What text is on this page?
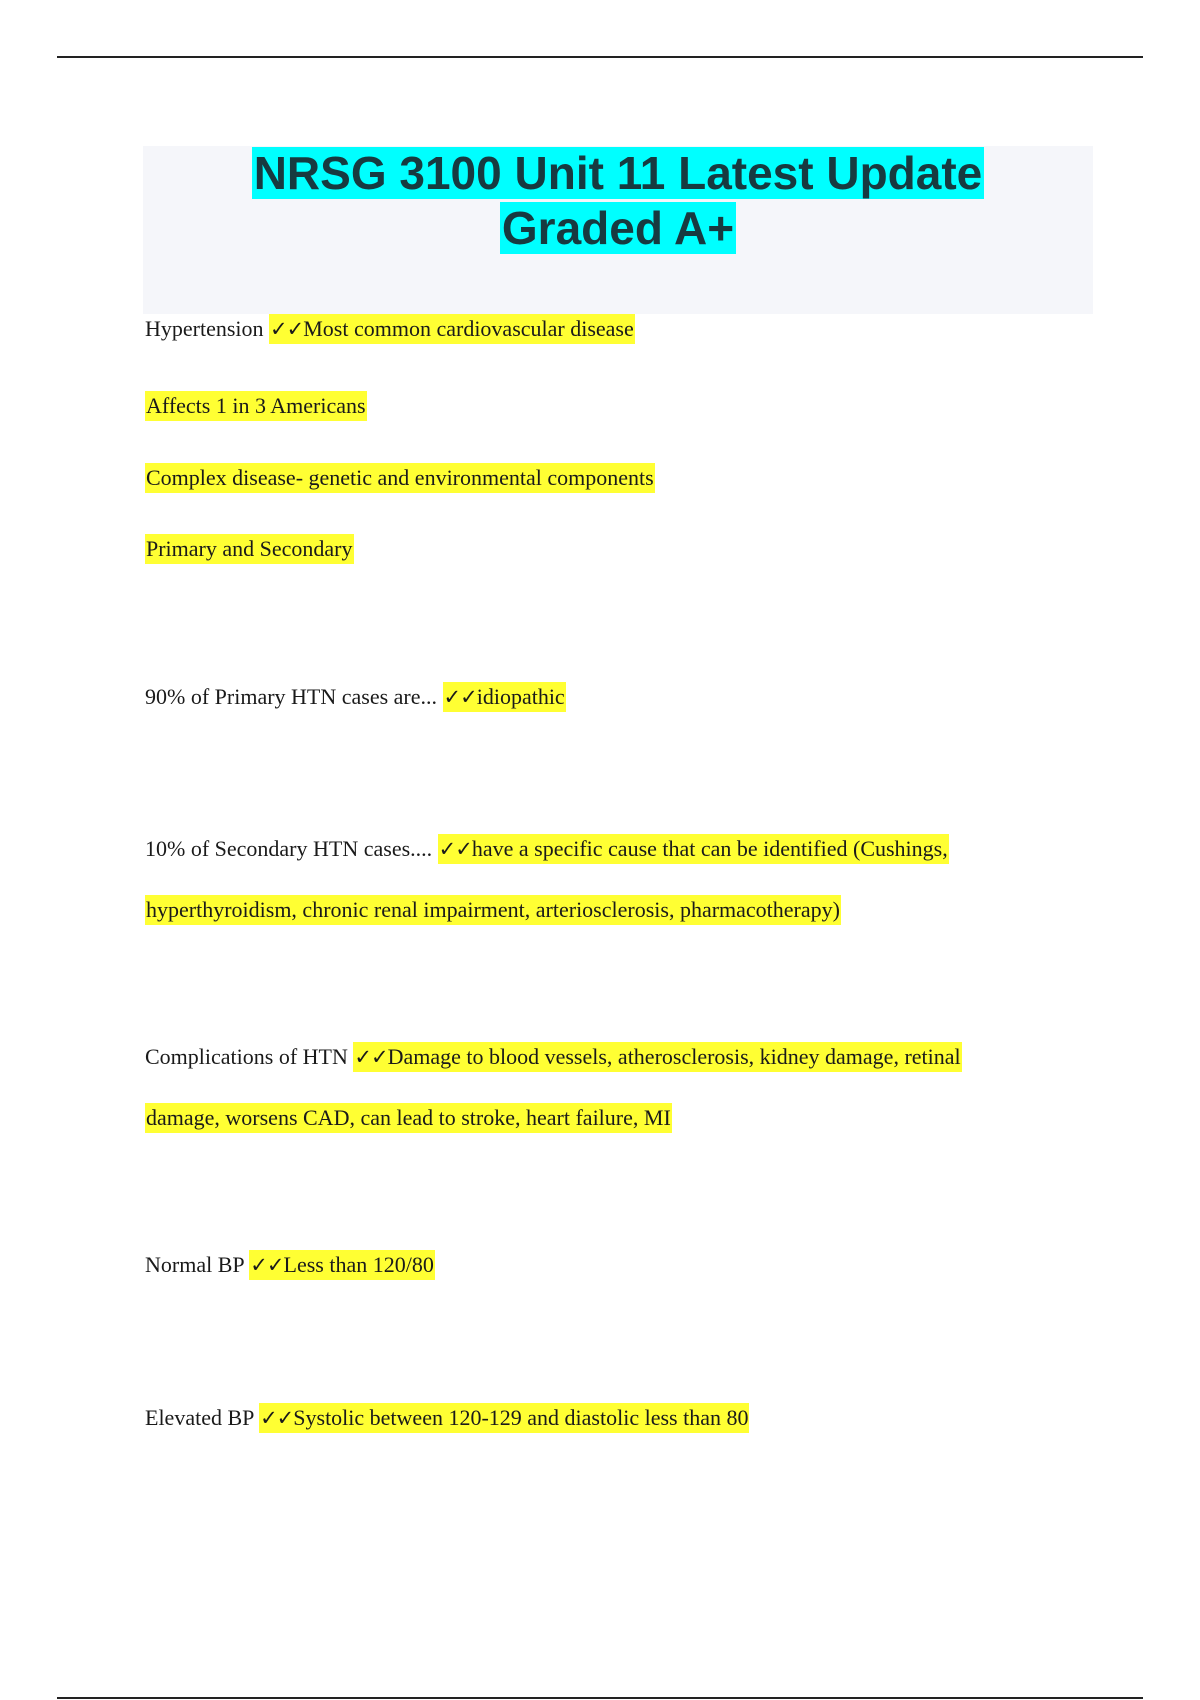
NRSG 3100 Unit 11 Latest Update
Graded A+
Hypertension ✓✓Most common cardiovascular disease
Affects 1 in 3 Americans
Complex disease- genetic and environmental components
Primary and Secondary
90% of Primary HTN cases are... ✓✓idiopathic
10% of Secondary HTN cases.... ✓✓have a specific cause that can be identified (Cushings,
hyperthyroidism, chronic renal impairment, arteriosclerosis, pharmacotherapy)
Complications of HTN ✓✓Damage to blood vessels, atherosclerosis, kidney damage, retinal
damage, worsens CAD, can lead to stroke, heart failure, MI
Normal BP ✓✓Less than 120/80
Elevated BP ✓✓Systolic between 120-129 and diastolic less than 80
